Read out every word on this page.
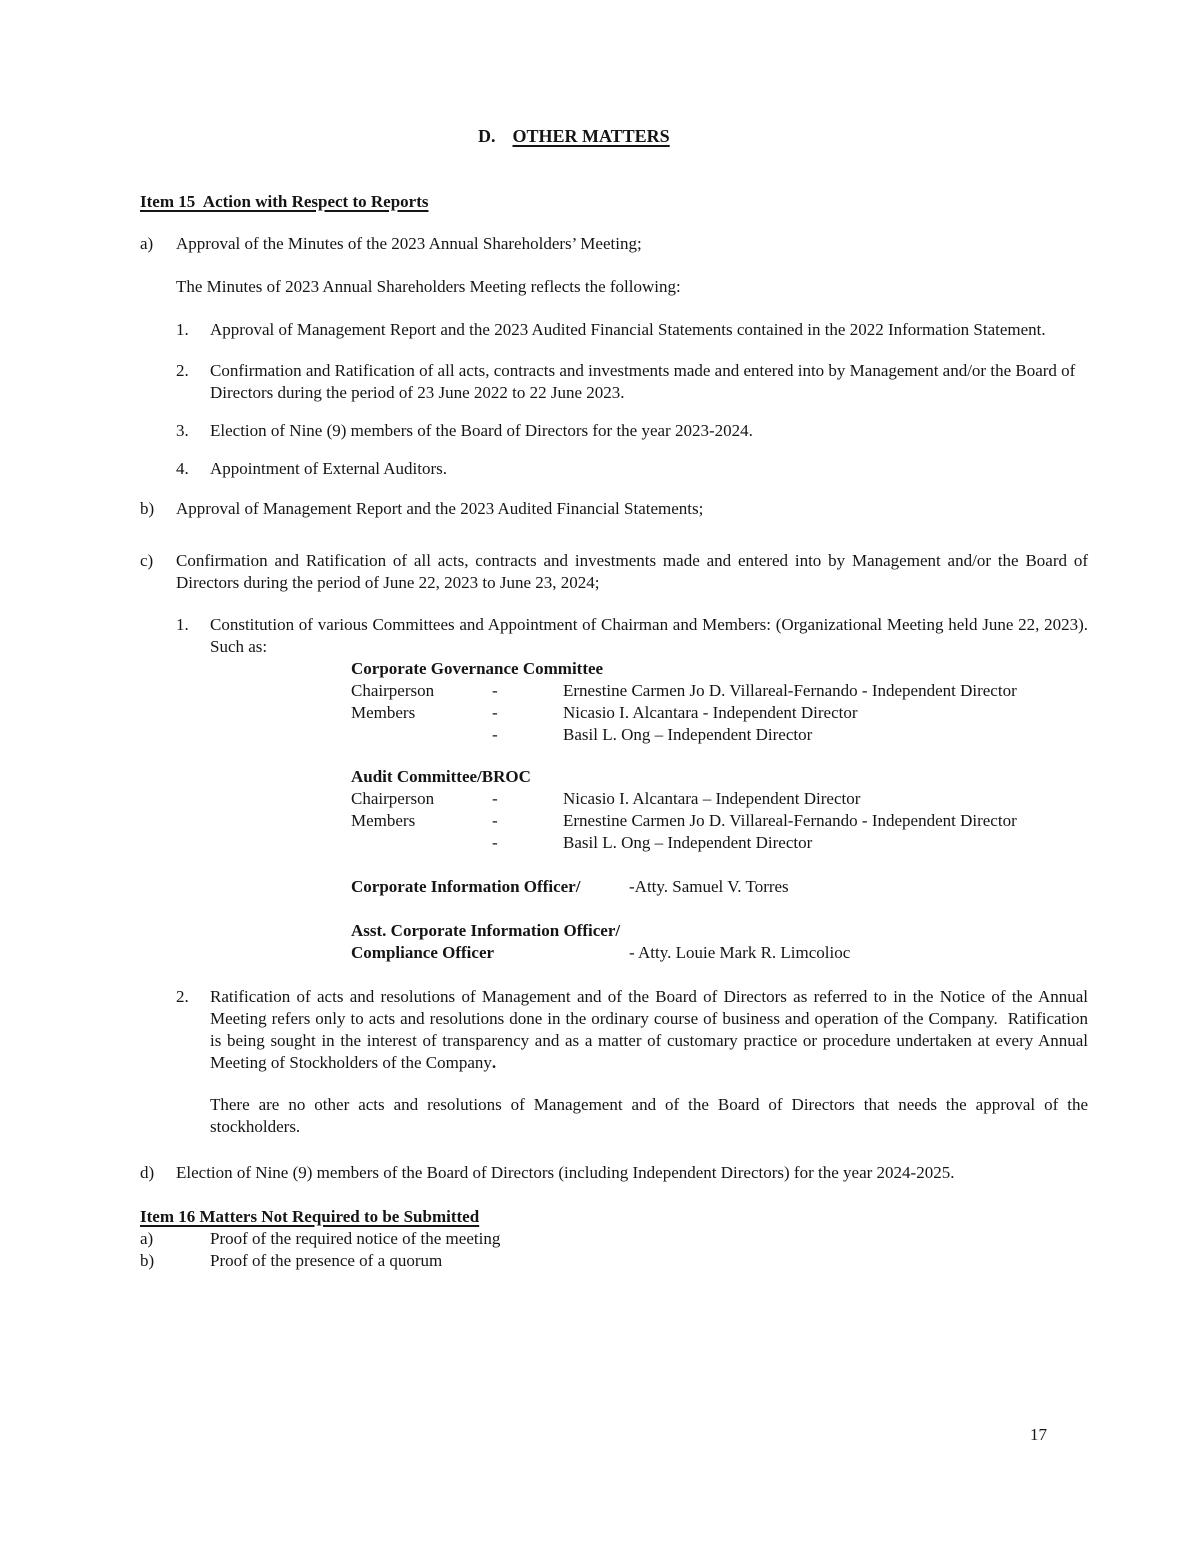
D. OTHER MATTERS
Item 15  Action with Respect to Reports
a)	Approval of the Minutes of the 2023 Annual Shareholders’ Meeting;
The Minutes of 2023 Annual Shareholders Meeting reflects the following:
1.	Approval of Management Report and the 2023 Audited Financial Statements contained in the 2022 Information Statement.
2.	Confirmation and Ratification of all acts, contracts and investments made and entered into by Management and/or the Board of Directors during the period of 23 June 2022 to 22 June 2023.
3.	Election of Nine (9) members of the Board of Directors for the year 2023-2024.
4.	Appointment of External Auditors.
b)	Approval of Management Report and the 2023 Audited Financial Statements;
c)	Confirmation and Ratification of all acts, contracts and investments made and entered into by Management and/or the Board of Directors during the period of June 22, 2023 to June 23, 2024;
1.	Constitution of various Committees and Appointment of Chairman and Members: (Organizational Meeting held June 22, 2023). Such as:
Corporate Governance Committee
Chairperson	-	Ernestine Carmen Jo D. Villareal-Fernando - Independent Director
Members	-	Nicasio I. Alcantara - Independent Director
-	Basil L. Ong – Independent Director
Audit Committee/BROC
Chairperson	-	Nicasio I. Alcantara – Independent Director
Members	-	Ernestine Carmen Jo D. Villareal-Fernando - Independent Director
-	Basil L. Ong – Independent Director
Corporate Information Officer/	-Atty. Samuel V. Torres
Asst. Corporate Information Officer/
Compliance Officer	- Atty. Louie Mark R. Limcolioc
2.	Ratification of acts and resolutions of Management and of the Board of Directors as referred to in the Notice of the Annual Meeting refers only to acts and resolutions done in the ordinary course of business and operation of the Company.  Ratification is being sought in the interest of transparency and as a matter of customary practice or procedure undertaken at every Annual Meeting of Stockholders of the Company.
There are no other acts and resolutions of Management and of the Board of Directors that needs the approval of the stockholders.
d)	Election of Nine (9) members of the Board of Directors (including Independent Directors) for the year 2024-2025.
Item 16 Matters Not Required to be Submitted
a)	Proof of the required notice of the meeting
b)	Proof of the presence of a quorum
17
